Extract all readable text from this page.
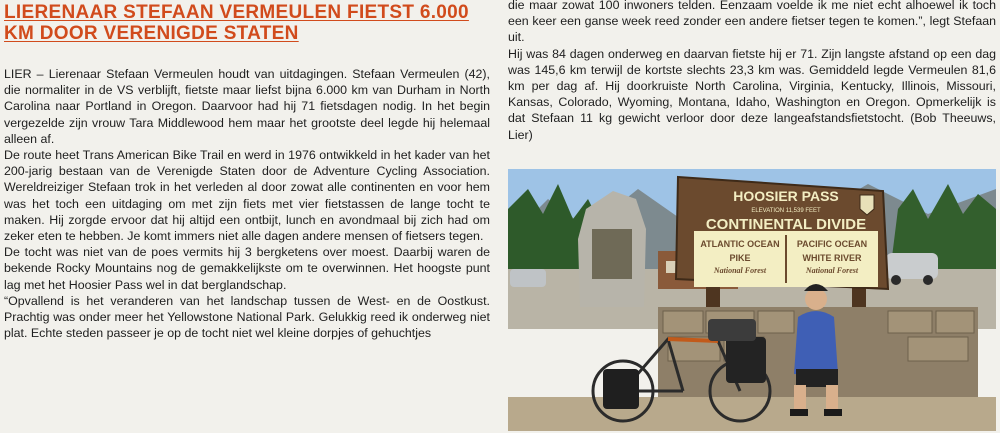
LIERENAAR STEFAAN VERMEULEN FIETST 6.000 KM DOOR VERENIGDE STATEN

LIER – Lierenaar Stefaan Vermeulen houdt van uitdagingen. Stefaan Vermeulen (42), die normaliter in de VS verblijft, fietste maar liefst bijna 6.000 km van Durham in North Carolina naar Portland in Oregon. Daarvoor had hij 71 fietsdagen nodig. In het begin vergezelde zijn vrouw Tara Middlewood hem maar het grootste deel legde hij helemaal alleen af.

De route heet Trans American Bike Trail en werd in 1976 ontwikkeld in het kader van het 200-jarig bestaan van de Verenigde Staten door de Adventure Cycling Association. Wereldreiziger Stefaan trok in het verleden al door zowat alle continenten en voor hem was het toch een uitdaging om met zijn fiets met vier fietstassen de lange tocht te maken. Hij zorgde ervoor dat hij altijd een ontbijt, lunch en avondmaal bij zich had om zeker eten te hebben. Je komt immers niet alle dagen andere mensen of fietsers tegen.

De tocht was niet van de poes vermits hij 3 bergketens over moest. Daarbij waren de bekende Rocky Mountains nog de gemakkelijkste om te overwinnen. Het hoogste punt lag met het Hoosier Pass wel in dat berglandschap.

“Opvallend is het veranderen van het landschap tussen de West- en de Oostkust. Prachtig was onder meer het Yellowstone National Park. Gelukkig reed ik onderweg niet plat. Echte steden passeer je op de tocht niet wel kleine dorpjes of gehuchtjes

die maar zowat 100 inwoners telden. Eenzaam voelde ik me niet echt alhoewel ik toch een keer een ganse week reed zonder een andere fietser tegen te komen.”, legt Stefaan uit.

Hij was 84 dagen onderweg en daarvan fietste hij er 71. Zijn langste afstand op een dag was 145,6 km terwijl de kortste slechts 23,3 km was. Gemiddeld legde Vermeulen 81,6 km per dag af. Hij doorkruiste North Carolina, Virginia, Kentucky, Illinois, Missouri, Kansas, Colorado, Wyoming, Montana, Idaho, Washington en Oregon. Opmerkelijk is dat Stefaan 11 kg gewicht verloor door deze langeafstandsfietstocht. (Bob Theeuws, Lier)

HOOSIER PASS
ELEVATION 11,539 FEET
CONTINENTAL DIVIDE
ATLANTIC OCEAN
PIKE
National Forest
PACIFIC OCEAN
WHITE RIVER
National Forest
